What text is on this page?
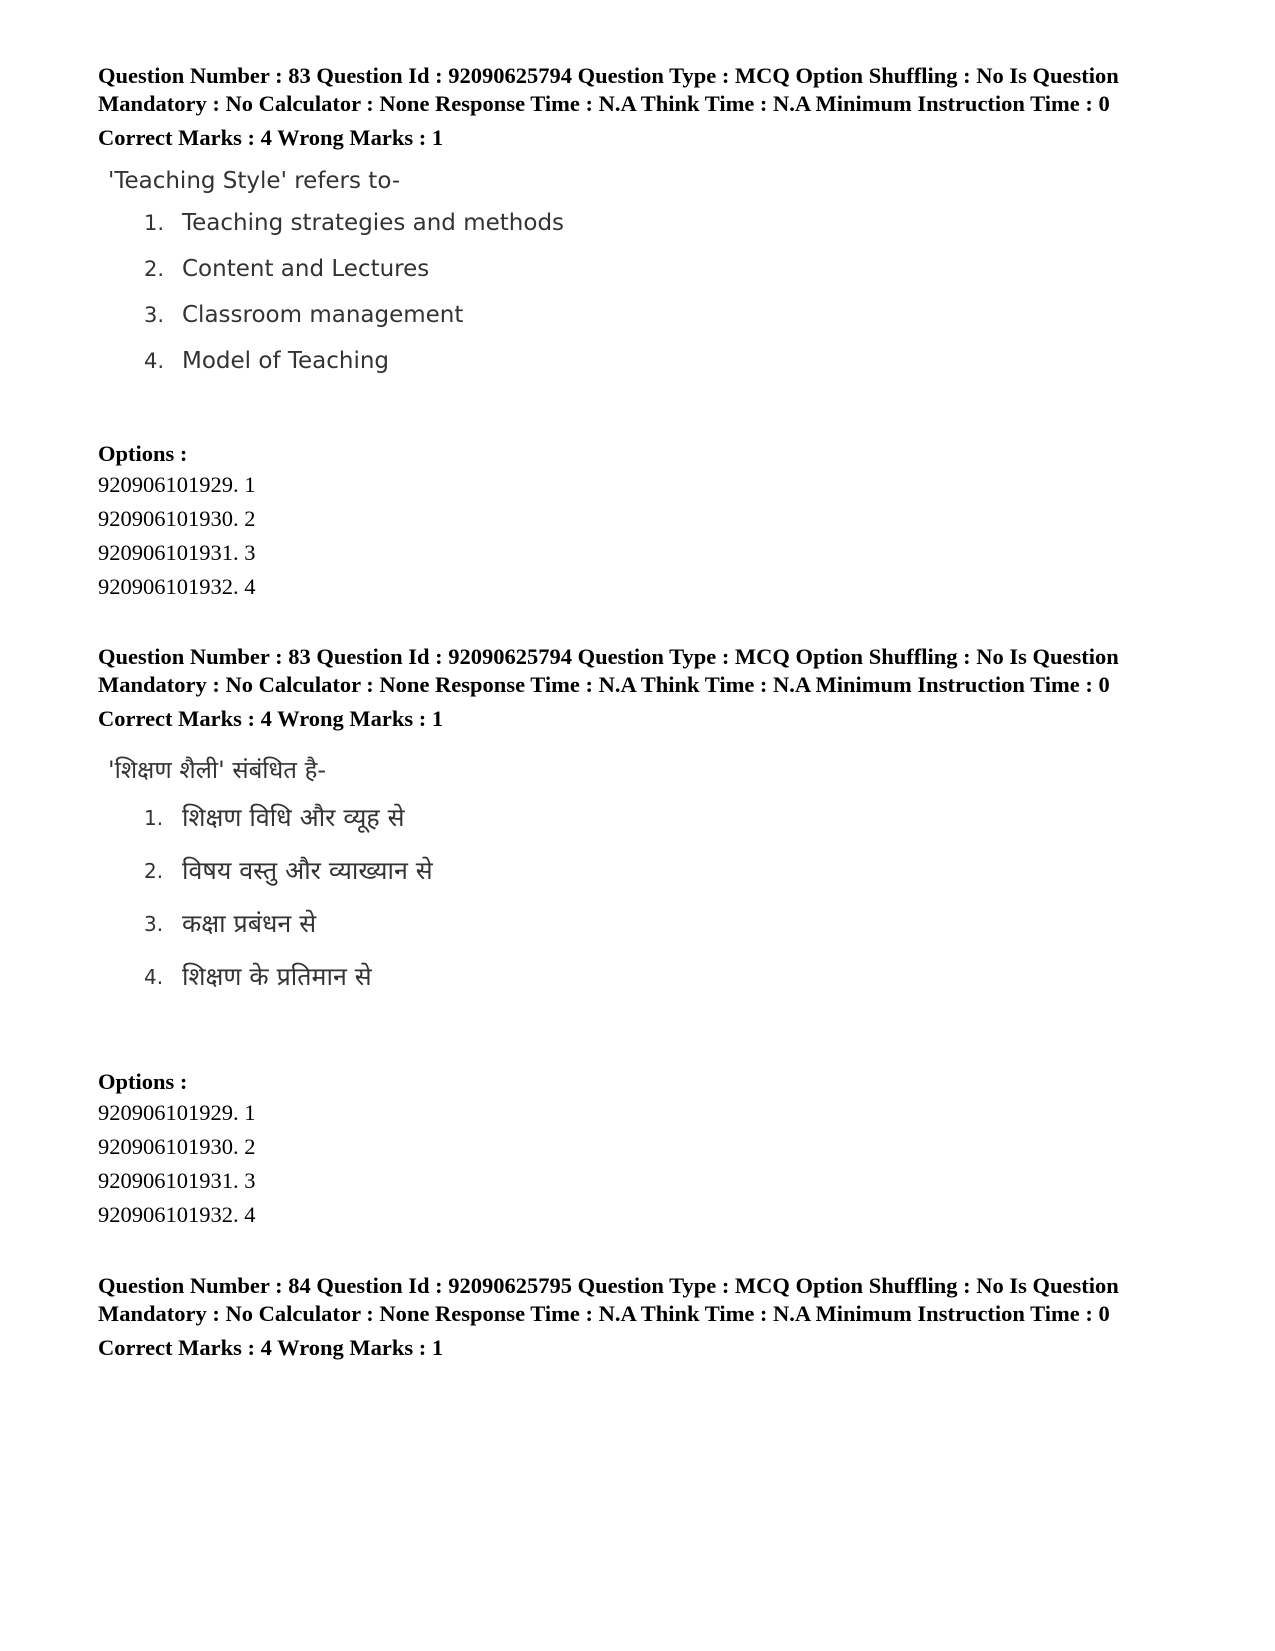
Question Number : 83 Question Id : 92090625794 Question Type : MCQ Option Shuffling : No Is Question Mandatory : No Calculator : None Response Time : N.A Think Time : N.A Minimum Instruction Time : 0

Correct Marks : 4 Wrong Marks : 1

'Teaching Style' refers to-

1. Teaching strategies and methods
2. Content and Lectures
3. Classroom management
4. Model of Teaching

Options :

920906101929. 1

920906101930. 2

920906101931. 3

920906101932. 4

Question Number : 83 Question Id : 92090625794 Question Type : MCQ Option Shuffling : No Is Question Mandatory : No Calculator : None Response Time : N.A Think Time : N.A Minimum Instruction Time : 0

Correct Marks : 4 Wrong Marks : 1

'शिक्षण शैली' संबंधित है-

1. शिक्षण विधि और व्यूह से
2. विषय वस्तु और व्याख्यान से
3. कक्षा प्रबंधन से
4. शिक्षण के प्रतिमान से

Options :

920906101929. 1

920906101930. 2

920906101931. 3

920906101932. 4

Question Number : 84 Question Id : 92090625795 Question Type : MCQ Option Shuffling : No Is Question Mandatory : No Calculator : None Response Time : N.A Think Time : N.A Minimum Instruction Time : 0

Correct Marks : 4 Wrong Marks : 1
